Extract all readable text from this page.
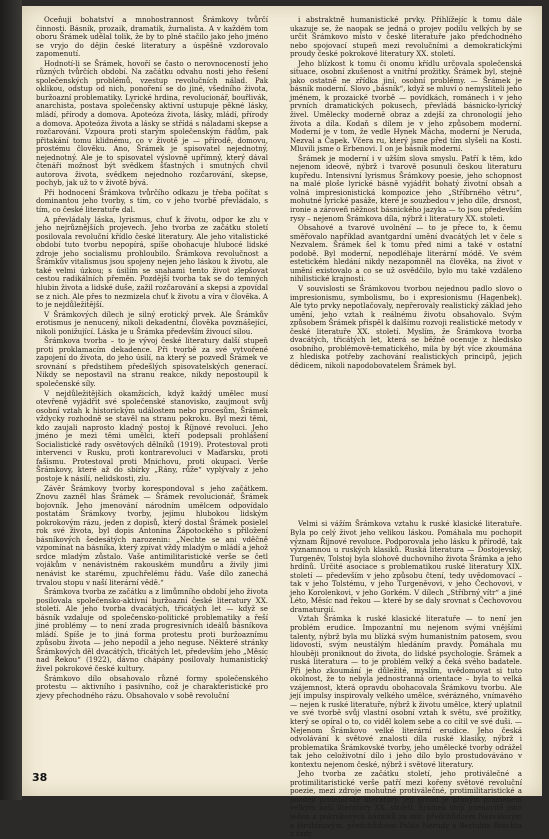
Oceňuji bohatství a mnohostrannost Šrámkovy tvůrčí činnosti. Básník, prozaik, dramatik, žurnalista. A v každém tom oboru Šrámek udělal tolik, že by to plně stačilo jako jeho jméno se vryjo do dějin české literatury a úspěšně vzdorovalo zapomenutí.

Hodnotí-li se Šrámek, hovoří se často o nerovnoceností jeho různých tvůrčích období. Na začátku odvahu nosti jeho řešení společenských problémů, vzestup revolučních nálad. Pak oklikou, odstup od nich, ponoření se do jiné, všedního života, buržoazní problematiky. Lyrické hrdina, revolucionář, bouřlivák, anarchista, postava společensky aktivní ustupuje pěkné lásky, mládí, přírody a domova. Apoteóza života, lásky, mládí, přírody a domova. Apoteóza života a lásky se střídá s náladami skepse a rozčarování. Vzpoura proti starým společenským řádům, pak přitakání tomu klidnému, co v životě je — přírodě, domovu, prostému člověku. Ano, Šrámek je spisovatel nejednotný, nejednotný. Ale je to spisovatel výslovně upřímný, který dával čtenáři možnost být svědkem šťastných i smutných chvil autorova života, svědkem nejednoho rozčarování, skepse, pochyb, jak už to v životě bývá.

Při hodnocení Šrámkova tvůrčího odkazu je třeba počítat s dominantou jeho tvorby, s tím, co v jeho tvorbě převládalo, s tím, co české literatuře dal.

A převládaly láska, lyrismus, chuť k životu, odpor ke zlu v jeho nejrůznějších projevech. Jeho tvorba ze začátku století posilovala revoluční křídlo české literatury. Ale jeho vitalistické období tuto tvorbu nepopírá, spíše obohacuje hlubocé lidské zdroje jeho socialismu prohloubilo. Šrámkova revolučnost a Šrámkův vitalismus jsou spojeny nejen jeho láskou k životu, ale také velmi úzkou; s úsilím se snahami tento život zlepšovat cestou radikálních přeměn. Pozdější tvorba tak se do temných hlubin života a lidské duše, zažil rozčarování a skepsi a zpovídal se z nich. Ale přes to nezmizela chuť k životu a víra v člověka. A to je nejdůležitější.

V Šrámkových dílech je silný erotický prvek. Ale Šrámkův erotismus je nenucený, nikoli dekadentní, člověka povznášející, nikoli ponižující. Láska je u Šrámka především živoucí silou.

Šrámkova tvorba – to je vývoj české literatury další stupeň proti proklamacím dekadence. Při tvorbě za své vytvořené zapojení do života, do jeho úsilí, na který se pozvedl Šrámek ve srovnání s předstihem předešlých spisovatelských generací. Nikdy se nepostavil na stranu reakce, nikdy nepostoupil k společenské síly.

V nejdůležitějších okamžicích, když každý umělec musí otevřeně vyjádřit své společenské stanovisko, zaujmout svůj osobní vztah k historickým událostem nebo procesům, Šrámek vždycky rozhodně se stavěl na stranu pokroku. Byl mezi těmi, kdo zaujali naprosto kladný postoj k Říjnové revoluci. Jeho jméno je mezi těmi umělci, kteří podepsali prohlášení Socialistické rady osvětových dělníků (1919). Protestoval proti intervenci v Rusku, proti kontrarevoluci v Maďarsku, proti fašismu. Protestoval proti Mnichovu, proti okupaci. Verše Šrámkovy, které až do sbírky „Rány, růže“ vyplývaly z jeho postoje k násilí, nelidskosti, zlu.

Závěr Šrámkovy tvorby korespondoval s jeho začátkem. Znovu zazněl hlas Šrámek — Šrámek revolucionář, Šrámek bojovník. Jeho jmenování národním umělcem odpovídalo postatám Šrámkovy tvorby, jejímu hlubokou lidským pokrokovým rázu, jeden z dopisů, který dostal Šrámek posielel rok své života, byl dopis Antonína Zápotockého s přiložení básníkových šedesátých narozenin: „Nechte se ani vděčně vzpomínat na básníka, který zpívat vždy mladým o mládí a jehož srdce mladým zůstalo. Vaše antimilitaristické verše se četl vojákům v nenávistném rakouském mundůru a živily jimi nenávist ke starému, zpuchřelému řádu. Vaše dílo zanechá trvalou stopu v naší literární vědě.“

Šrámkova tvorba ze začátku a z limůmního období jeho života posilovala společensko-aktivní buržoazní české literatury XX. století. Ale jeho tvorba dvacátých, třicátých let — když se básník vzdaluje od společensko-politické problematiky a řeší jiné problémy — to není zrada progresivních ideálů básníkova mládí. Spíše je to jiná forma protestu proti buržoaznímu způsobu života — jeho nepodíl a jeho neguse. Některé stránky Šrámkových děl dvacátých, třicátých let, především jeho „Měsíc nad Řekou“ (1922), dávno chápány posilovaly humanistický živel pokrokové české kultury.

Šrámkovo dílo obsahovalo různé formy společenského protestu — aktivního i pasivního, což je charakteristické pro zjevy přechodného rázu. Obsahovalo v sobě revoluční

i abstraktně humanistické prvky. Přihlížejíc k tomu dále ukazuje se, že naopak se jedná o projev podílu velkých by se určit Šrámkovo místo v české literatuře jako předchodného nebo spojovací stupeň mezi revolučními a demokratickými proudy české pokrokové literatury XX. století.

Jeho blízkost k tomu či onomu křídlu určovala společenská situace, osobní zkušenost a vnitřní prožitky. Šrámek byl, stejně jako ostatně ne zřídka jiní, osobní problémy. — Šrámek je básník moderní. Slovo „básník“, když se mluví o nemysliteli jeho jménem, k prozaické tvorbě — povídkách, románech i v jeho prvních dramatických pokusech, převládá básnicko-lyrický živel. Umělecky moderně obraz a zdejší za chronologií jeho života a díla. Kodaň s dílem je v jeho způsobem moderní. Moderní je v tom, že vedle Hynek Mácha, moderní je Neruda, Nezval a Čapek. Včera ru, který jsme před tím slyšeli na Kosti. Mluvili jsme o Erbenovi. I on je básník moderní.

Šrámek je moderní i v užším slova smyslu. Patří k těm, kdo nejenom ideově, nýbrž i tvarově posunuli českou literaturu kupředu. Intensivní lyrismus Šrámkovy poesie, jeho schopnost na malé ploše lyrické básně vyjádřit bohatý životní obsah a volná impresionistická kompozice jeho „Stříbrného větru“, mohutné lyrické pasáže, které je souzbedou v jeho díle, drsnost, ironie a zároveň něžnost básnického jazyka — to jsou především rysy – nejenom Šrámkova díla, nýbrž i literatury XX. století.

Obsahové a tvarové uvolnění — to je přece to, k čemu směřovalo například avantgardní umění dvacátých let v čele s Nezvalem. Šrámek šel k tomu před nimi a také v ostatní podobě. Byl moderní, nepodléhaje literární módě. Ve svém estetickém hledání nikdy nezapomněl na člověka, na život v umění existovalo a co se už osvědčilo, bylo mu také vzdáleno nihilistické krajnosti.

V souvislosti se Šrámkovou tvorbou nejednou padlo slovo o impresionismu, symbolismu, bo i expresionismu (Hagenbek). Ale tyto prvky nepotlačovaly, nepřerovaly realistický základ jeho umění, jeho vztah k reálnému životu obsahovalo. Svým způsobem Šrámek přispěl k dalšímu rozvoji realistické metody v české literatuře XX. století. Myslím, že Šrámkova tvorba dvacátých, třicátých let, která se běžně ocenuje z hledisko osobního, problémově-tematického, mila by být více zkoumána z hlediska potřeby zachování realistických principů, jejich dědicem, nikoli napodobovatelem Šrámek byl.

Velmi si vážím Šrámkova vztahu k ruské klasické literatuře. Byla po celý život jeho velikou láskou. Pomáhala mu pochopit význam Říjnové revoluce. Podporovala jeho lásku k přírodě, tak významnou u ruských klasiků. Ruská literatura — Dostojevský, Turgeněv, Tolstoj byla slohově duchovního života Šrámka a jeho hrdinů. Určité asociace s problematikou ruské literatury XIX. století — především v jeho způsobu čtení, tedy uvědomovací – tak v jeho Tolstému, v jeho Turgeněvovi, v jeho Čechovovi, v jeho Korolenkovi, v jeho Gorkém. V dílech „Stříbrný vítr“ a jiné Léto, Měsíc nad řekou — které by se daly srovnat s Čechovovou dramaturgií.

Vztah Šrámka k ruské klasické literatuře — to není jen problém erudice. Impozantní mu nejenom svými vnějšími talenty, nýbrž byla mu blízká svým humanistním patosem, svou lidovostí, svým neustálým hledáním pravdy. Pomáhala mu hlouběji proniknout do života, do lidské psychologie. Šrámek a ruská literatura — to je problém velký a čeká svého badatele. Při jeho zkoumání je důležité, myslím, uvědomovat si tuto okolnost, že to nebyla jednostranná orientace – byla to velká vzájemnost, která opravdu obohacovala Šrámkovu tvorbu. Ale její impulsy inspirovaly velkého umělce, svérázného, vnímavého — nejen k ruské literatuře, nýbrž k životu umělce, který uplatnil ve své tvorbě svůj vlastní osobní vztah k světu, své prožitky, který se opíral o to, co viděl kolem sebe a co cítil ve své duši. — Nejenom Šrámkovo velké literární erudice. Jeho česká odvolávání k světové znalosti díla ruské klasiky, nýbrž i problematika Šrámkovské tvorby, jeho umělecké tvorby odrážel tak jeho celoživotní dílo i jeho dílo bylo prostudováváno v kontextu nejenom české, nýbrž i světové literatury.

Jeho tvorba ze začátku století, jeho protiválečné a protimilitaristické verše patří mezi kořeny světové revoluční poezie, mezi zdroje mohutné protiválečné, protimilitaristické a později proletářské literatury, její proud je přímým pramenem velkým naší literatury XX. století. Šrámek stojí jmenovitě jako jeden z pokrokových básníků za mír, předchůdcem Nezvalovým a Hrubínovým, předchůdcem Pabla Nerudy a Bertolda Brechta z řady

38
